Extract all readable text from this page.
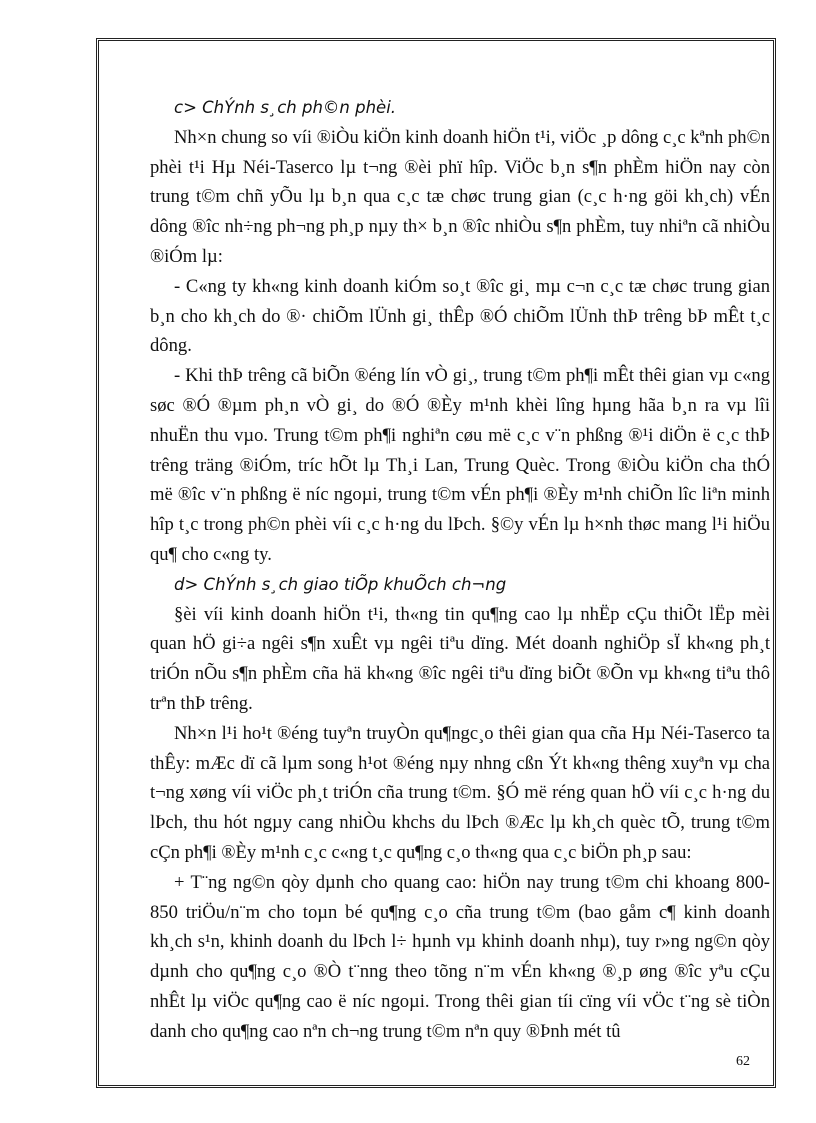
c> ChÝnh s¸ch ph©n phèi.

Nh×n chung so víi ®iÒu kiÖn kinh doanh hiÖn t¹i, viÖc ¸p dông c¸c kªnh ph©n phèi t¹i Hµ Néi-Taserco lµ t¬ng ®èi phï hîp. ViÖc b¸n s¶n phÈm hiÖn nay còn trung t©m chñ yÕu lµ b¸n qua c¸c tæ chøc trung gian (c¸c h·ng göi kh¸ch) vÉn dông ®îc nh÷ng ph¬ng ph¸p nµy th× b¸n ®îc nhiÒu s¶n phÈm, tuy nhiªn cã nhiÒu ®iÓm lµ:

- C«ng ty kh«ng kinh doanh kiÓm so¸t ®îc gi¸ mµ c¬n c¸c tæ chøc trung gian b¸n cho kh¸ch do ®· chiÕm lÜnh gi¸ thÊp ®Ó chiÕm lÜnh thÞ trêng bÞ mÊt t¸c dông.

- Khi thÞ trêng cã biÕn ®éng lín vÒ gi¸, trung t©m ph¶i mÊt thêi gian vµ c«ng søc ®Ó ®µm ph¸n vÒ gi¸ do ®Ó ®Èy m¹nh khèi lîng hµng hãa b¸n ra vµ lîi nhuËn thu vµo. Trung t©m ph¶i nghiªn cøu më c¸c v¨n phßng ®¹i diÖn ë c¸c thÞ trêng träng ®iÓm, tríc hÕt lµ Th¸i Lan, Trung Quèc. Trong ®iÒu kiÖn cha thÓ më ®îc v¨n phßng ë níc ngoµi, trung t©m vÉn ph¶i ®Èy m¹nh chiÕn lîc liªn minh hîp t¸c trong ph©n phèi víi c¸c h·ng du lÞch. §©y vÉn lµ h×nh thøc mang l¹i hiÖu qu¶ cho c«ng ty.

d> ChÝnh s¸ch giao tiÕp khuÕch ch¬ng

§èi víi kinh doanh hiÖn t¹i, th«ng tin qu¶ng cao lµ nhËp cÇu thiÕt lËp mèi quan hÖ gi÷a ngêi s¶n xuÊt vµ ngêi tiªu dïng. Mét doanh nghiÖp sÏ kh«ng ph¸t triÓn nÕu s¶n phÈm cña hä kh«ng ®îc ngêi tiªu dïng biÕt ®Õn vµ kh«ng tiªu thô trªn thÞ trêng.

Nh×n l¹i ho¹t ®éng tuyªn truyÒn qu¶ngc¸o thêi gian qua cña Hµ Néi-Taserco ta thÊy: mÆc dï cã lµm song h¹ot ®éng nµy nhng cßn Ýt kh«ng thêng xuyªn vµ cha t¬ng xøng víi viÖc ph¸t triÓn cña trung t©m. §Ó më réng quan hÖ víi c¸c h·ng du lÞch, thu hót ngµy cang nhiÒu khchs du lÞch ®Æc lµ kh¸ch quèc tÕ, trung t©m cÇn ph¶i ®Èy m¹nh c¸c c«ng t¸c qu¶ng c¸o th«ng qua c¸c biÖn ph¸p sau:

+ T¨ng ng©n qòy dµnh cho quang cao: hiÖn nay trung t©m chi khoang 800-850 triÖu/n¨m cho toµn bé qu¶ng c¸o cña trung t©m (bao gåm c¶ kinh doanh kh¸ch s¹n, khinh doanh du lÞch l÷ hµnh vµ khinh doanh nhµ), tuy r»ng ng©n qòy dµnh cho qu¶ng c¸o ®Ò t¨nng theo tõng n¨m vÉn kh«ng ®¸p øng ®îc yªu cÇu nhÊt lµ viÖc qu¶ng cao ë níc ngoµi. Trong thêi gian tíi cïng víi vÖc t¨ng sè tiÒn danh cho qu¶ng cao nªn ch¬ng trung t©m nªn quy ®Þnh mét tû

62
